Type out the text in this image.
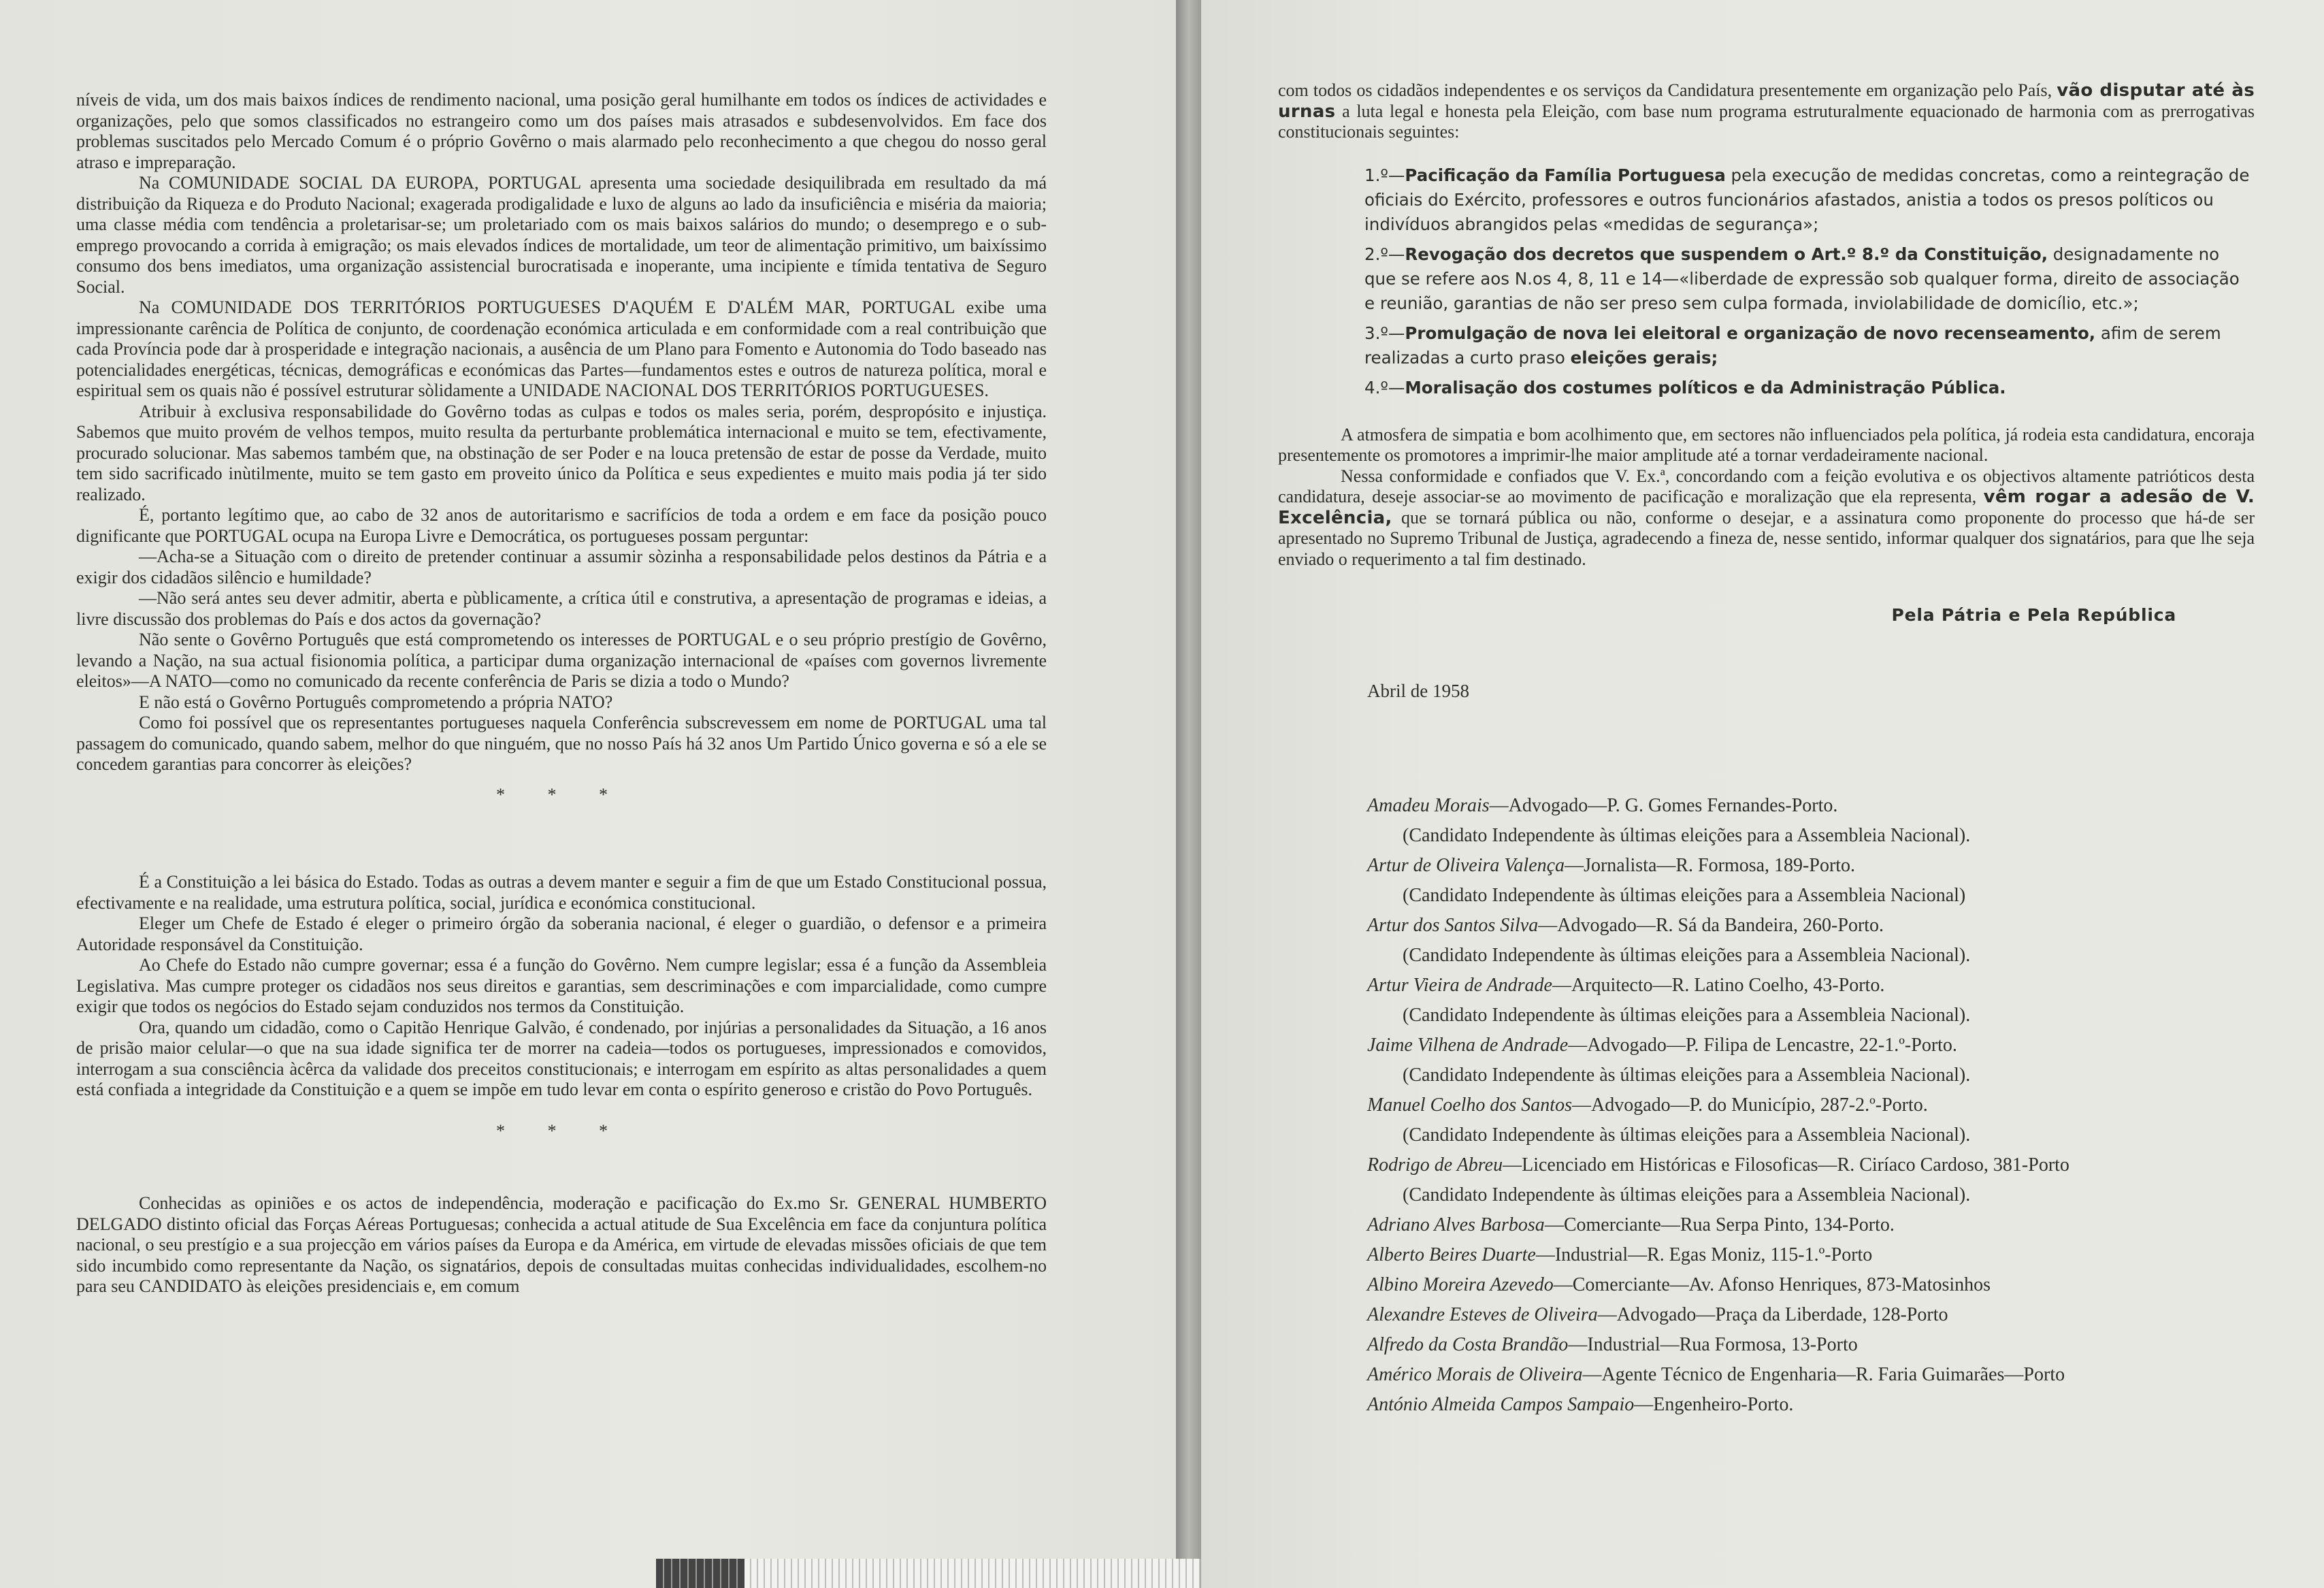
níveis de vida, um dos mais baixos índices de rendimento nacional, uma posição geral humilhante em todos os índices de actividades e organizações, pelo que somos classificados no estrangeiro como um dos países mais atrasados e subdesenvolvidos. Em face dos problemas suscitados pelo Mercado Comum é o próprio Govêrno o mais alarmado pelo reconhecimento a que chegou do nosso geral atraso e impreparação.

Na COMUNIDADE SOCIAL DA EUROPA, PORTUGAL apresenta uma sociedade desiquilibrada em resultado da má distribuição da Riqueza e do Produto Nacional; exagerada prodigalidade e luxo de alguns ao lado da insuficiência e miséria da maioria; uma classe média com tendência a proletarisar-se; um proletariado com os mais baixos salários do mundo; o desemprego e o sub-emprego provocando a corrida à emigração; os mais elevados índices de mortalidade, um teor de alimentação primitivo, um baixíssimo consumo dos bens imediatos, uma organização assistencial burocratisada e inoperante, uma incipiente e tímida tentativa de Seguro Social.

Na COMUNIDADE DOS TERRITÓRIOS PORTUGUESES D'AQUÉM E D'ALÉM MAR, PORTUGAL exibe uma impressionante carência de Política de conjunto, de coordenação económica articulada e em conformidade com a real contribuição que cada Província pode dar à prosperidade e integração nacionais, a ausência de um Plano para Fomento e Autonomia do Todo baseado nas potencialidades energéticas, técnicas, demográficas e económicas das Partes—fundamentos estes e outros de natureza política, moral e espiritual sem os quais não é possível estruturar sòlidamente a UNIDADE NACIONAL DOS TERRITÓRIOS PORTUGUESES.

Atribuir à exclusiva responsabilidade do Govêrno todas as culpas e todos os males seria, porém, despropósito e injustiça. Sabemos que muito provém de velhos tempos, muito resulta da perturbante problemática internacional e muito se tem, efectivamente, procurado solucionar. Mas sabemos também que, na obstinação de ser Poder e na louca pretensão de estar de posse da Verdade, muito tem sido sacrificado inùtilmente, muito se tem gasto em proveito único da Política e seus expedientes e muito mais podia já ter sido realizado.

É, portanto legítimo que, ao cabo de 32 anos de autoritarismo e sacrifícios de toda a ordem e em face da posição pouco dignificante que PORTUGAL ocupa na Europa Livre e Democrática, os portugueses possam perguntar:

—Acha-se a Situação com o direito de pretender continuar a assumir sòzinha a responsabilidade pelos destinos da Pátria e a exigir dos cidadãos silêncio e humildade?

—Não será antes seu dever admitir, aberta e pùblicamente, a crítica útil e construtiva, a apresentação de programas e ideias, a livre discussão dos problemas do País e dos actos da governação?

Não sente o Govêrno Português que está comprometendo os interesses de PORTUGAL e o seu próprio prestígio de Govêrno, levando a Nação, na sua actual fisionomia política, a participar duma organização internacional de «países com governos livremente eleitos»—A NATO—como no comunicado da recente conferência de Paris se dizia a todo o Mundo?

E não está o Govêrno Português comprometendo a própria NATO?

Como foi possível que os representantes portugueses naquela Conferência subscrevessem em nome de PORTUGAL uma tal passagem do comunicado, quando sabem, melhor do que ninguém, que no nosso País há 32 anos Um Partido Único governa e só a ele se concedem garantias para concorrer às eleições?

* * *

É a Constituição a lei básica do Estado. Todas as outras a devem manter e seguir a fim de que um Estado Constitucional possua, efectivamente e na realidade, uma estrutura política, social, jurídica e económica constitucional.

Eleger um Chefe de Estado é eleger o primeiro órgão da soberania nacional, é eleger o guardião, o defensor e a primeira Autoridade responsável da Constituição.

Ao Chefe do Estado não cumpre governar; essa é a função do Govêrno. Nem cumpre legislar; essa é a função da Assembleia Legislativa. Mas cumpre proteger os cidadãos nos seus direitos e garantias, sem descriminações e com imparcialidade, como cumpre exigir que todos os negócios do Estado sejam conduzidos nos termos da Constituição.

Ora, quando um cidadão, como o Capitão Henrique Galvão, é condenado, por injúrias a personalidades da Situação, a 16 anos de prisão maior celular—o que na sua idade significa ter de morrer na cadeia—todos os portugueses, impressionados e comovidos, interrogam a sua consciência àcêrca da validade dos preceitos constitucionais; e interrogam em espírito as altas personalidades a quem está confiada a integridade da Constituição e a quem se impõe em tudo levar em conta o espírito generoso e cristão do Povo Português.

* * *

Conhecidas as opiniões e os actos de independência, moderação e pacificação do Ex.mo Sr. GENERAL HUMBERTO DELGADO distinto oficial das Forças Aéreas Portuguesas; conhecida a actual atitude de Sua Excelência em face da conjuntura política nacional, o seu prestígio e a sua projecção em vários países da Europa e da América, em virtude de elevadas missões oficiais de que tem sido incumbido como representante da Nação, os signatários, depois de consultadas muitas conhecidas individualidades, escolhem-no para seu CANDIDATO às eleições presidenciais e, em comum

com todos os cidadãos independentes e os serviços da Candidatura presentemente em organização pelo País, vão disputar até às urnas a luta legal e honesta pela Eleição, com base num programa estruturalmente equacionado de harmonia com as prerrogativas constitucionais seguintes:

1.º—Pacificação da Família Portuguesa pela execução de medidas concretas, como a reintegração de oficiais do Exército, professores e outros funcionários afastados, anistia a todos os presos políticos ou indivíduos abrangidos pelas «medidas de segurança»;

2.º—Revogação dos decretos que suspendem o Art.º 8.º da Constituição, designadamente no que se refere aos N.os 4, 8, 11 e 14—«liberdade de expressão sob qualquer forma, direito de associação e reunião, garantias de não ser preso sem culpa formada, inviolabilidade de domicílio, etc.»;

3.º—Promulgação de nova lei eleitoral e organização de novo recenseamento, afim de serem realizadas a curto praso eleições gerais;

4.º—Moralisação dos costumes políticos e da Administração Pública.

A atmosfera de simpatia e bom acolhimento que, em sectores não influenciados pela política, já rodeia esta candidatura, encoraja presentemente os promotores a imprimir-lhe maior amplitude até a tornar verdadeiramente nacional.

Nessa conformidade e confiados que V. Ex.ª, concordando com a feição evolutiva e os objectivos altamente patrióticos desta candidatura, deseje associar-se ao movimento de pacificação e moralização que ela representa, vêm rogar a adesão de V. Excelência, que se tornará pública ou não, conforme o desejar, e a assinatura como proponente do processo que há-de ser apresentado no Supremo Tribunal de Justiça, agradecendo a fineza de, nesse sentido, informar qualquer dos signatários, para que lhe seja enviado o requerimento a tal fim destinado.

Pela Pátria e Pela República

Abril de 1958

Amadeu Morais—Advogado—P. G. Gomes Fernandes-Porto.

(Candidato Independente às últimas eleições para a Assembleia Nacional).

Artur de Oliveira Valença—Jornalista—R. Formosa, 189-Porto.

(Candidato Independente às últimas eleições para a Assembleia Nacional)

Artur dos Santos Silva—Advogado—R. Sá da Bandeira, 260-Porto.

(Candidato Independente às últimas eleições para a Assembleia Nacional).

Artur Vieira de Andrade—Arquitecto—R. Latino Coelho, 43-Porto.

(Candidato Independente às últimas eleições para a Assembleia Nacional).

Jaime Vilhena de Andrade—Advogado—P. Filipa de Lencastre, 22-1.º-Porto.

(Candidato Independente às últimas eleições para a Assembleia Nacional).

Manuel Coelho dos Santos—Advogado—P. do Município, 287-2.º-Porto.

(Candidato Independente às últimas eleições para a Assembleia Nacional).

Rodrigo de Abreu—Licenciado em Históricas e Filosoficas—R. Ciríaco Cardoso, 381-Porto

(Candidato Independente às últimas eleições para a Assembleia Nacional).

Adriano Alves Barbosa—Comerciante—Rua Serpa Pinto, 134-Porto.

Alberto Beires Duarte—Industrial—R. Egas Moniz, 115-1.º-Porto

Albino Moreira Azevedo—Comerciante—Av. Afonso Henriques, 873-Matosinhos

Alexandre Esteves de Oliveira—Advogado—Praça da Liberdade, 128-Porto

Alfredo da Costa Brandão—Industrial—Rua Formosa, 13-Porto

Américo Morais de Oliveira—Agente Técnico de Engenharia—R. Faria Guimarães—Porto

António Almeida Campos Sampaio—Engenheiro-Porto.
